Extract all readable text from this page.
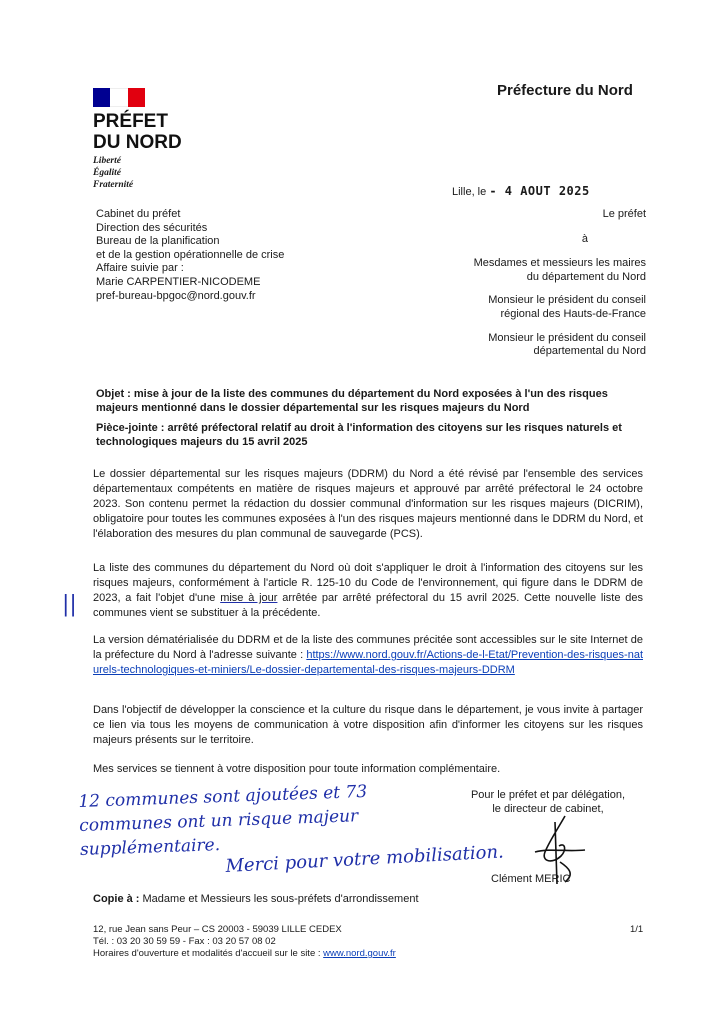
PRÉFET
DU NORD
Liberté
Égalité
Fraternité
Préfecture du Nord
Lille, le - 4 AOUT 2025
Cabinet du préfet
Direction des sécurités
Bureau de la planification
et de la gestion opérationnelle de crise
Affaire suivie par :
Marie CARPENTIER-NICODEME
pref-bureau-bpgoc@nord.gouv.fr
Le préfet
à
Mesdames et messieurs les maires
du département du Nord
Monsieur le président du conseil
régional des Hauts-de-France
Monsieur le président du conseil
départemental du Nord
Objet : mise à jour de la liste des communes du département du Nord exposées à l'un des risques majeurs mentionné dans le dossier départemental sur les risques majeurs du Nord
Pièce-jointe : arrêté préfectoral relatif au droit à l'information des citoyens sur les risques naturels et technologiques majeurs du 15 avril 2025
Le dossier départemental sur les risques majeurs (DDRM) du Nord a été révisé par l'ensemble des services départementaux compétents en matière de risques majeurs et approuvé par arrêté préfectoral le 24 octobre 2023. Son contenu permet la rédaction du dossier communal d'information sur les risques majeurs (DICRIM), obligatoire pour toutes les communes exposées à l'un des risques majeurs mentionné dans le DDRM du Nord, et l'élaboration des mesures du plan communal de sauvegarde (PCS).
La liste des communes du département du Nord où doit s'appliquer le droit à l'information des citoyens sur les risques majeurs, conformément à l'article R. 125-10 du Code de l'environnement, qui figure dans le DDRM de 2023, a fait l'objet d'une mise à jour arrêtée par arrêté préfectoral du 15 avril 2025. Cette nouvelle liste des communes vient se substituer à la précédente.
||
La version dématérialisée du DDRM et de la liste des communes précitée sont accessibles sur le site Internet de la préfecture du Nord à l'adresse suivante : https://www.nord.gouv.fr/Actions-de-l-Etat/Prevention-des-risques-naturels-technologiques-et-miniers/Le-dossier-departemental-des-risques-majeurs-DDRM
Dans l'objectif de développer la conscience et la culture du risque dans le département, je vous invite à partager ce lien via tous les moyens de communication à votre disposition afin d'informer les citoyens sur les risques majeurs présents sur le territoire.
Mes services se tiennent à votre disposition pour toute information complémentaire.
Pour le préfet et par délégation,
le directeur de cabinet,
Clément MERIC
12 communes sont ajoutées et 73
communes ont un risque majeur
supplémentaire. Merci pour votre mobilisation.
Copie à : Madame et Messieurs les sous-préfets d'arrondissement
12, rue Jean sans Peur – CS 20003 - 59039 LILLE CEDEX
Tél. : 03 20 30 59 59 - Fax : 03 20 57 08 02
Horaires d'ouverture et modalités d'accueil sur le site : www.nord.gouv.fr
1/1
